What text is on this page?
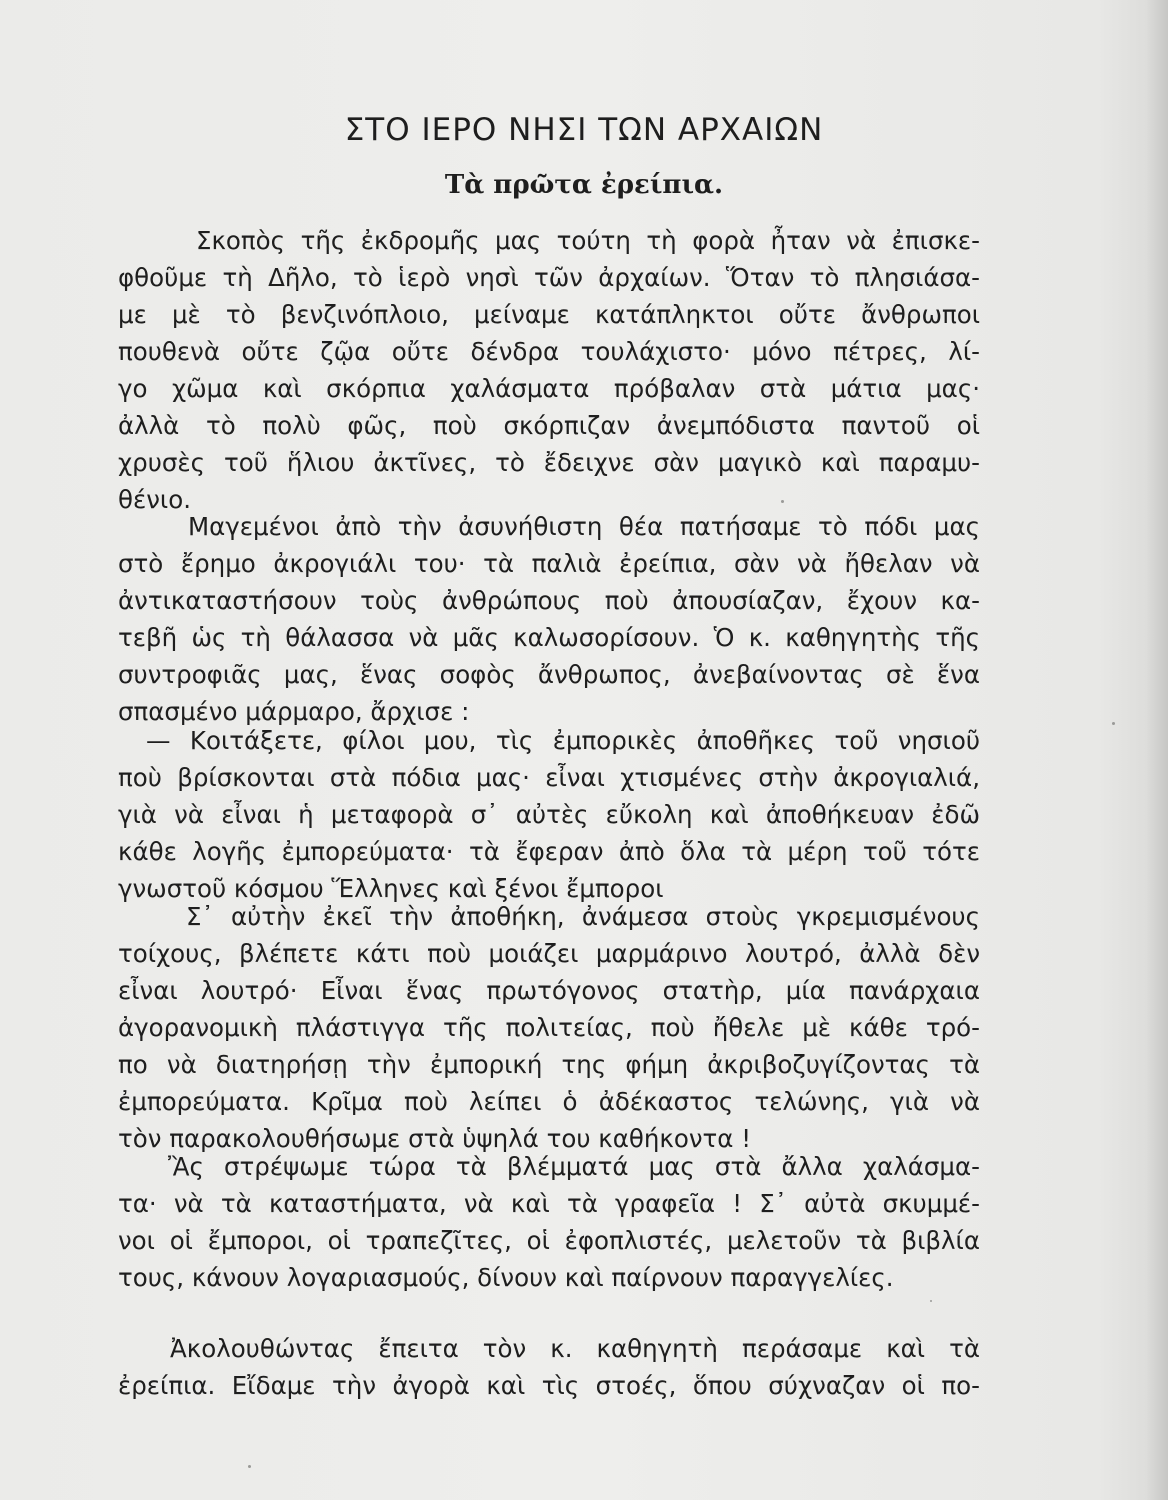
ΣΤΟ ΙΕΡΟ ΝΗΣΙ ΤΩΝ ΑΡΧΑΙΩΝ
Τὰ πρῶτα ἐρείπια.
Σκοπὸς τῆς ἐκδρομῆς μας τούτη τὴ φορὰ ἦταν νὰ ἐπισκε-
φθοῦμε τὴ Δῆλο, τὸ ἱερὸ νησὶ τῶν ἀρχαίων. Ὅταν τὸ πλησιάσα-
με μὲ τὸ βενζινόπλοιο, μείναμε κατάπληκτοι οὔτε ἄνθρωποι
πουθενὰ οὔτε ζῷα οὔτε δένδρα τουλάχιστο· μόνο πέτρες, λί-
γο χῶμα καὶ σκόρπια χαλάσματα πρόβαλαν στὰ μάτια μας·
ἀλλὰ τὸ πολὺ φῶς, ποὺ σκόρπιζαν ἀνεμπόδιστα παντοῦ οἱ
χρυσὲς τοῦ ἥλιου ἀκτῖνες, τὸ ἔδειχνε σὰν μαγικὸ καὶ παραμυ-
θένιο.
Μαγεμένοι ἀπὸ τὴν ἀσυνήθιστη θέα πατήσαμε τὸ πόδι μας
στὸ ἔρημο ἀκρογιάλι του· τὰ παλιὰ ἐρείπια, σὰν νὰ ἤθελαν νὰ
ἀντικαταστήσουν τοὺς ἀνθρώπους ποὺ ἀπουσίαζαν, ἔχουν κα-
τεβῆ ὡς τὴ θάλασσα νὰ μᾶς καλωσορίσουν. Ὁ κ. καθηγητὴς τῆς
συντροφιᾶς μας, ἕνας σοφὸς ἄνθρωπος, ἀνεβαίνοντας σὲ ἕνα
σπασμένο μάρμαρο, ἄρχισε :
— Κοιτάξετε, φίλοι μου, τὶς ἐμπορικὲς ἀποθῆκες τοῦ νησιοῦ
ποὺ βρίσκονται στὰ πόδια μας· εἶναι χτισμένες στὴν ἀκρογιαλιά,
γιὰ νὰ εἶναι ἡ μεταφορὰ σ᾽ αὐτὲς εὔκολη καὶ ἀποθήκευαν ἐδῶ
κάθε λογῆς ἐμπορεύματα· τὰ ἔφεραν ἀπὸ ὅλα τὰ μέρη τοῦ τότε
γνωστοῦ κόσμου Ἕλληνες καὶ ξένοι ἔμποροι
Σ᾽ αὐτὴν ἐκεῖ τὴν ἀποθήκη, ἀνάμεσα στοὺς γκρεμισμένους
τοίχους, βλέπετε κάτι ποὺ μοιάζει μαρμάρινο λουτρό, ἀλλὰ δὲν
εἶναι λουτρό· Εἶναι ἕνας πρωτόγονος στατὴρ, μία πανάρχαια
ἀγορανομικὴ πλάστιγγα τῆς πολιτείας, ποὺ ἤθελε μὲ κάθε τρό-
πο νὰ διατηρήσῃ τὴν ἐμπορική της φήμη ἀκριβοζυγίζοντας τὰ
ἐμπορεύματα. Κρῖμα ποὺ λείπει ὁ ἀδέκαστος τελώνης, γιὰ νὰ
τὸν παρακολουθήσωμε στὰ ὑψηλά του καθήκοντα !
Ἂς στρέψωμε τώρα τὰ βλέμματά μας στὰ ἄλλα χαλάσμα-
τα· νὰ τὰ καταστήματα, νὰ καὶ τὰ γραφεῖα ! Σ᾽ αὐτὰ σκυμμέ-
νοι οἱ ἔμποροι, οἱ τραπεζῖτες, οἱ ἐφοπλιστές, μελετοῦν τὰ βιβλία
τους, κάνουν λογαριασμούς, δίνουν καὶ παίρνουν παραγγελίες.
Ἀκολουθώντας ἔπειτα τὸν κ. καθηγητὴ περάσαμε καὶ τὰ
ἐρείπια. Εἴδαμε τὴν ἀγορὰ καὶ τὶς στοές, ὅπου σύχναζαν οἱ πο-
